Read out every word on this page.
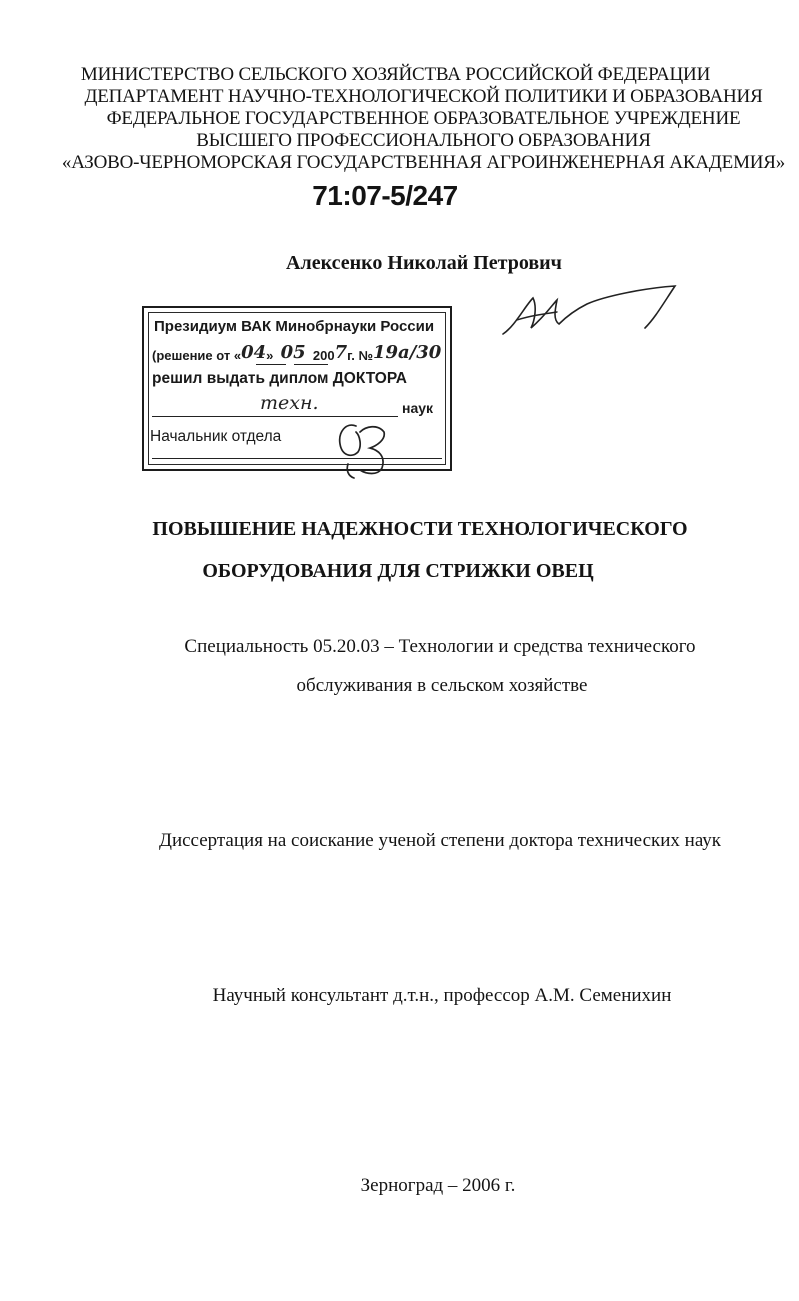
МИНИСТЕРСТВО СЕЛЬСКОГО ХОЗЯЙСТВА РОССИЙСКОЙ ФЕДЕРАЦИИ
ДЕПАРТАМЕНТ НАУЧНО-ТЕХНОЛОГИЧЕСКОЙ ПОЛИТИКИ И ОБРАЗОВАНИЯ
ФЕДЕРАЛЬНОЕ ГОСУДАРСТВЕННОЕ ОБРАЗОВАТЕЛЬНОЕ УЧРЕЖДЕНИЕ
ВЫСШЕГО ПРОФЕССИОНАЛЬНОГО ОБРАЗОВАНИЯ
«АЗОВО-ЧЕРНОМОРСКАЯ ГОСУДАРСТВЕННАЯ АГРОИНЖЕНЕРНАЯ АКАДЕМИЯ»
71:07-5/247
Алексенко Николай Петрович
Президиум ВАК Минобрнауки России
(решение от «04» 05 2007г. №19a/30
решил выдать диплом ДОКТОРА
техн.	наук
Начальник отдела
ПОВЫШЕНИЕ НАДЕЖНОСТИ ТЕХНОЛОГИЧЕСКОГО
ОБОРУДОВАНИЯ ДЛЯ СТРИЖКИ ОВЕЦ
Специальность 05.20.03 – Технологии и средства технического
обслуживания в сельском хозяйстве
Диссертация на соискание ученой степени доктора технических наук
Научный консультант д.т.н., профессор А.М. Семенихин
Зерноград – 2006 г.
